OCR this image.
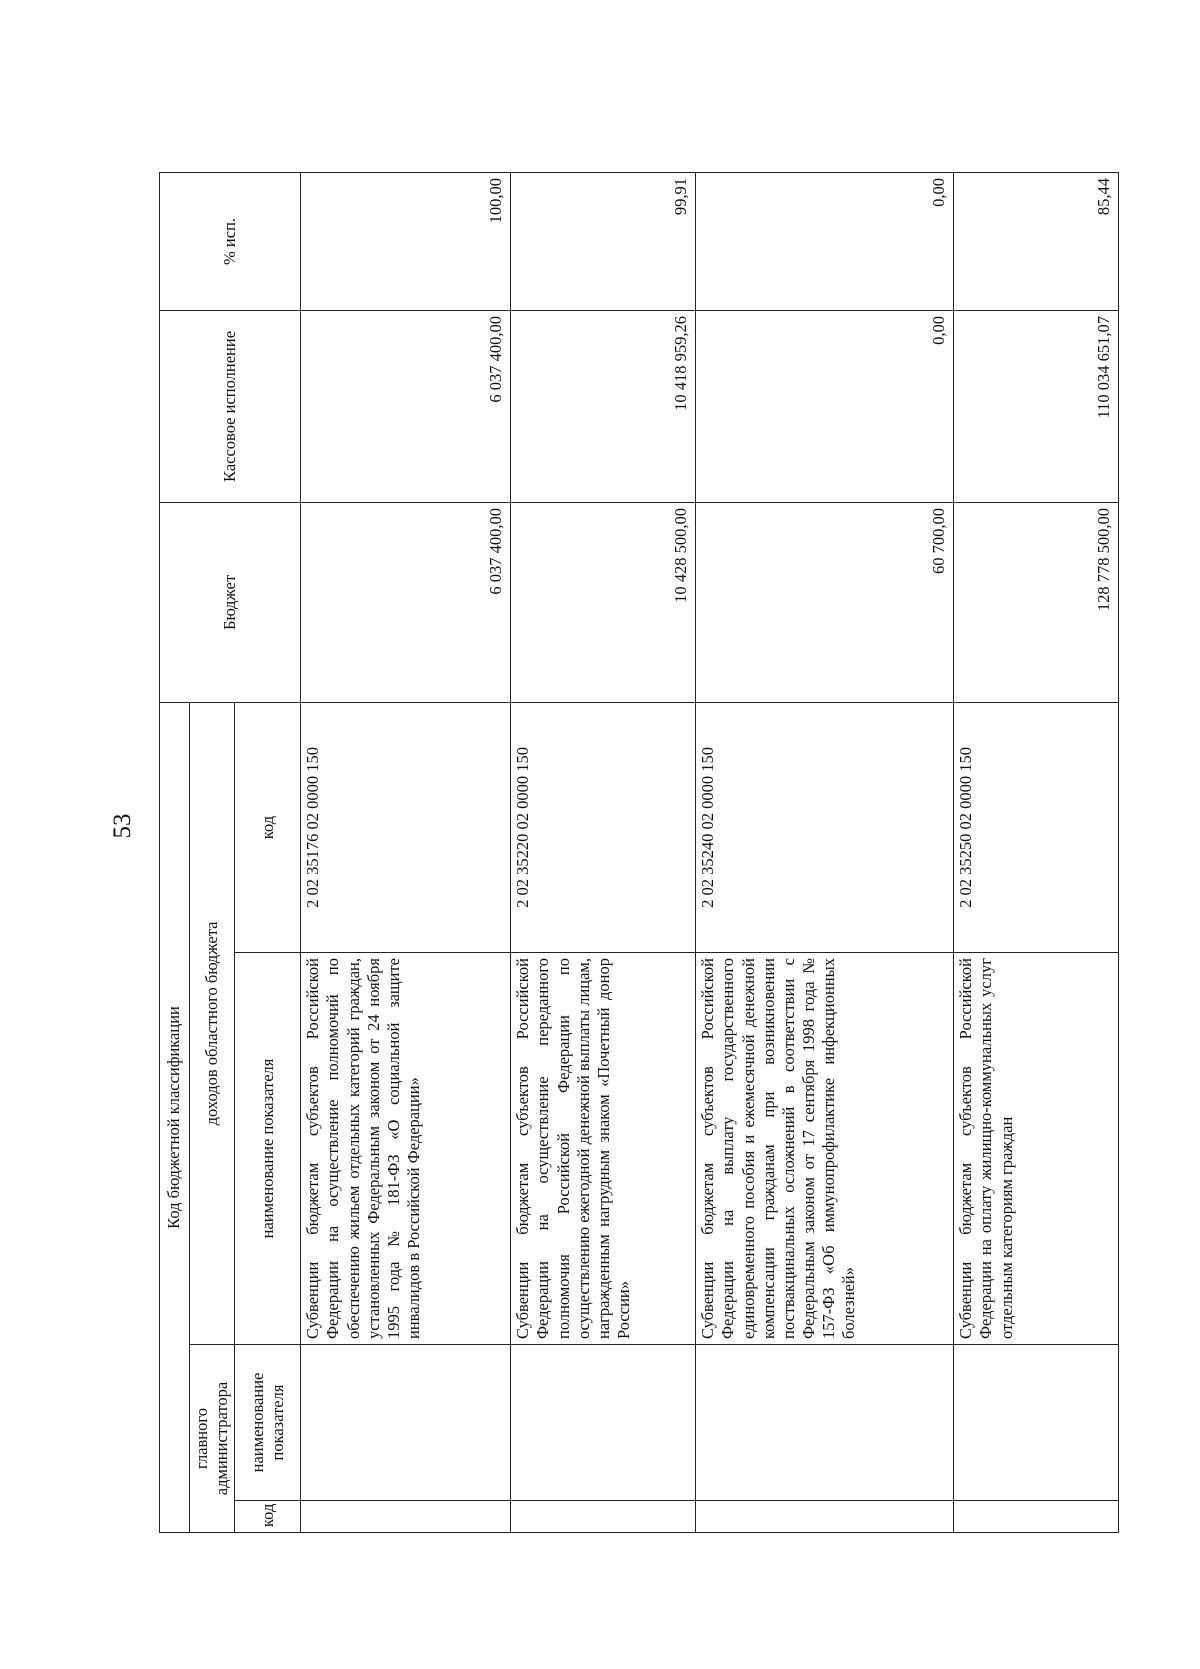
53
Код бюджетной классификации				Бюджет	Кассовое исполнение	% исп.
главного администратора		доходов областного бюджета				
код	наименование показателя	наименование показателя	код			
		Субвенции бюджетам субъектов Российской Федерации на осуществление полномочий по обеспечению жильем отдельных категорий граждан, установленных Федеральным законом от 24 ноября 1995 года № 181-ФЗ «О социальной защите инвалидов в Российской Федерации»	2 02 35176 02 0000 150	6 037 400,00	6 037 400,00	100,00
		Субвенции бюджетам субъектов Российской Федерации на осуществление переданного полномочия Российской Федерации по осуществлению ежегодной денежной выплаты лицам, награжденным нагрудным знаком «Почетный донор России»	2 02 35220 02 0000 150	10 428 500,00	10 418 959,26	99,91
		Субвенции бюджетам субъектов Российской Федерации на выплату государственного единовременного пособия и ежемесячной денежной компенсации гражданам при возникновении поствакцинальных осложнений в соответствии с Федеральным законом от 17 сентября 1998 года № 157-ФЗ «Об иммунопрофилактике инфекционных болезней»	2 02 35240 02 0000 150	60 700,00	0,00	0,00
		Субвенции бюджетам субъектов Российской Федерации на оплату жилищно-коммунальных услуг отдельным категориям граждан	2 02 35250 02 0000 150	128 778 500,00	110 034 651,07	85,44
